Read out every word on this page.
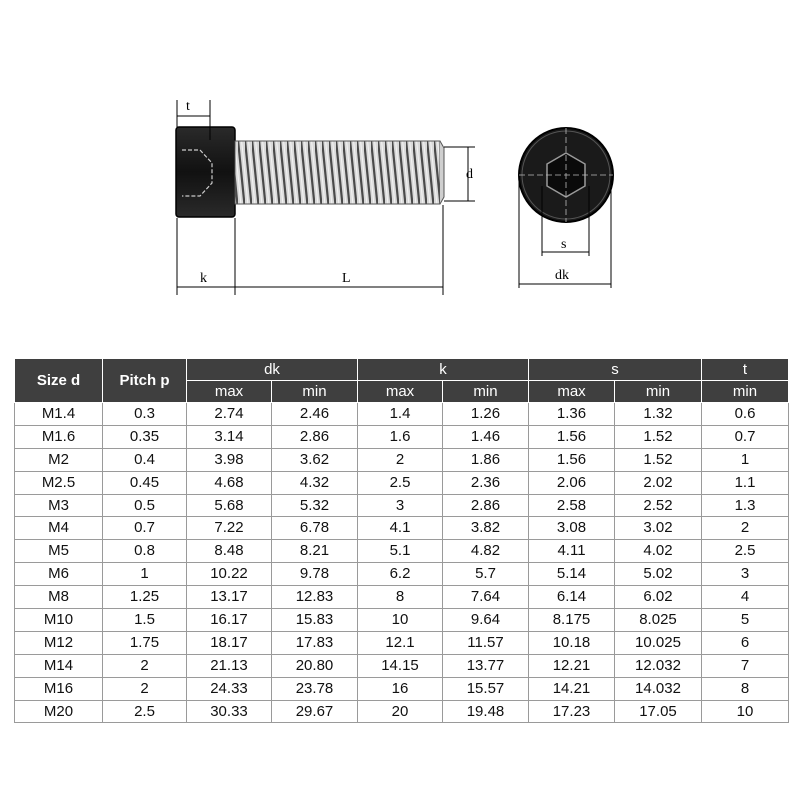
t
d
k	L
s
dk
Size d	Pitch p	dk		k		s		t
		max	min	max	min	max	min	min
M1.4	0.3	2.74	2.46	1.4	1.26	1.36	1.32	0.6
M1.6	0.35	3.14	2.86	1.6	1.46	1.56	1.52	0.7
M2	0.4	3.98	3.62	2	1.86	1.56	1.52	1
M2.5	0.45	4.68	4.32	2.5	2.36	2.06	2.02	1.1
M3	0.5	5.68	5.32	3	2.86	2.58	2.52	1.3
M4	0.7	7.22	6.78	4.1	3.82	3.08	3.02	2
M5	0.8	8.48	8.21	5.1	4.82	4.11	4.02	2.5
M6	1	10.22	9.78	6.2	5.7	5.14	5.02	3
M8	1.25	13.17	12.83	8	7.64	6.14	6.02	4
M10	1.5	16.17	15.83	10	9.64	8.175	8.025	5
M12	1.75	18.17	17.83	12.1	11.57	10.18	10.025	6
M14	2	21.13	20.80	14.15	13.77	12.21	12.032	7
M16	2	24.33	23.78	16	15.57	14.21	14.032	8
M20	2.5	30.33	29.67	20	19.48	17.23	17.05	10
